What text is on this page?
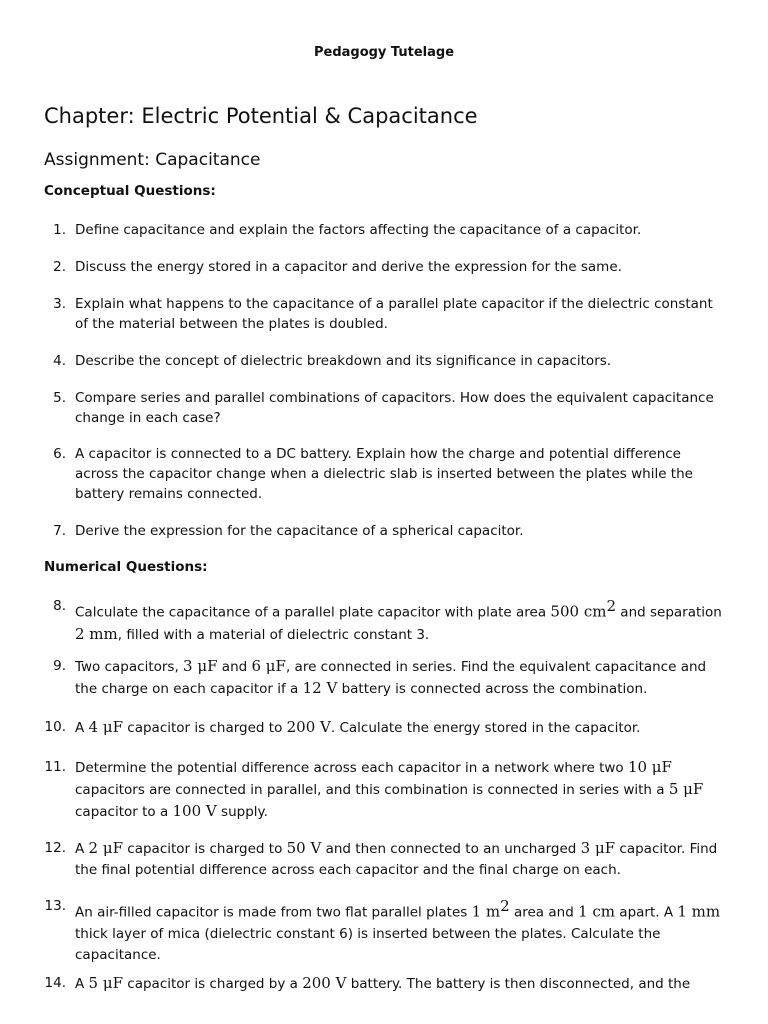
Pedagogy Tutelage
Chapter: Electric Potential & Capacitance
Assignment: Capacitance
Conceptual Questions:
1. Define capacitance and explain the factors affecting the capacitance of a capacitor.
2. Discuss the energy stored in a capacitor and derive the expression for the same.
3. Explain what happens to the capacitance of a parallel plate capacitor if the dielectric constant
of the material between the plates is doubled.
4. Describe the concept of dielectric breakdown and its significance in capacitors.
5. Compare series and parallel combinations of capacitors. How does the equivalent capacitance
change in each case?
6. A capacitor is connected to a DC battery. Explain how the charge and potential difference
across the capacitor change when a dielectric slab is inserted between the plates while the
battery remains connected.
7. Derive the expression for the capacitance of a spherical capacitor.
Numerical Questions:
8. Calculate the capacitance of a parallel plate capacitor with plate area 500 $cm^2$ and separation
2 mm, filled with a material of dielectric constant 3.
9. Two capacitors, 3 μF and 6 μF, are connected in series. Find the equivalent capacitance and
the charge on each capacitor if a 12 V battery is connected across the combination.
10. A 4 μF capacitor is charged to 200 V. Calculate the energy stored in the capacitor.
11. Determine the potential difference across each capacitor in a network where two 10 μF
capacitors are connected in parallel, and this combination is connected in series with a 5 μF
capacitor to a 100 V supply.
12. A 2 μF capacitor is charged to 50 V and then connected to an uncharged 3 μF capacitor. Find
the final potential difference across each capacitor and the final charge on each.
13. An air-filled capacitor is made from two flat parallel plates 1 $m^2$ area and 1 cm apart. A 1 mm
thick layer of mica (dielectric constant 6) is inserted between the plates. Calculate the
capacitance.
14. A 5 μF capacitor is charged by a 200 V battery. The battery is then disconnected, and the
